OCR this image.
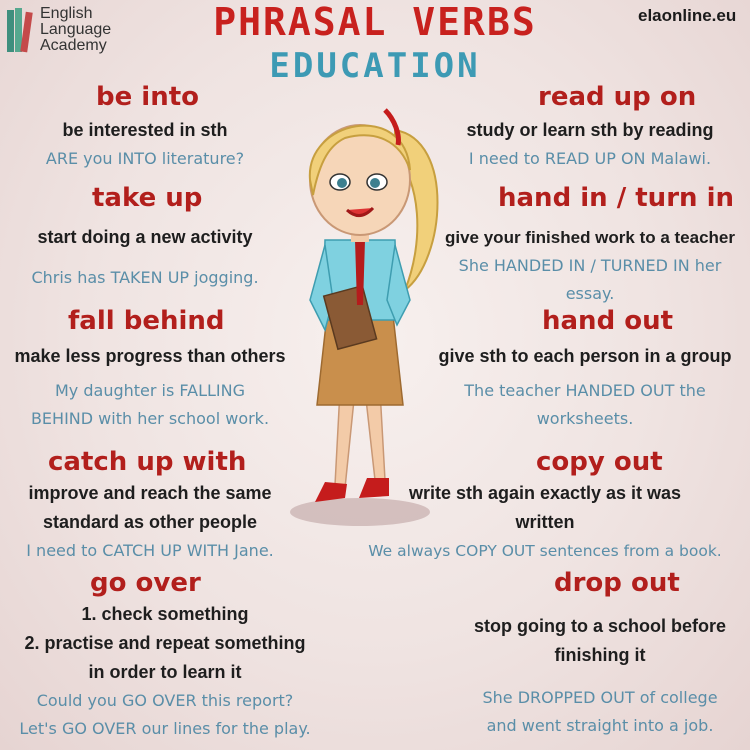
English
Language
Academy
PHRASAL VERBS
EDUCATION
elaonline.eu
be into
be interested in sth
ARE you INTO literature?
take up
start doing a new activity
Chris has TAKEN UP jogging.
fall behind
make less progress than others
My daughter is FALLING
BEHIND with her school work.
catch up with
improve and reach the same
standard as other people
I need to CATCH UP WITH Jane.
go over
1. check something
2. practise and repeat something
in order to learn it
Could you GO OVER this report?
Let's GO OVER our lines for the play.
read up on
study or learn sth by reading
I need to READ UP ON Malawi.
hand in / turn in
give your finished work to a teacher
She HANDED IN / TURNED IN her
essay.
hand out
give sth to each person in a group
The teacher HANDED OUT the
worksheets.
copy out
write sth again exactly as it was
written
We always COPY OUT sentences from a book.
drop out
stop going to a school before
finishing it
She DROPPED OUT of college
and went straight into a job.
